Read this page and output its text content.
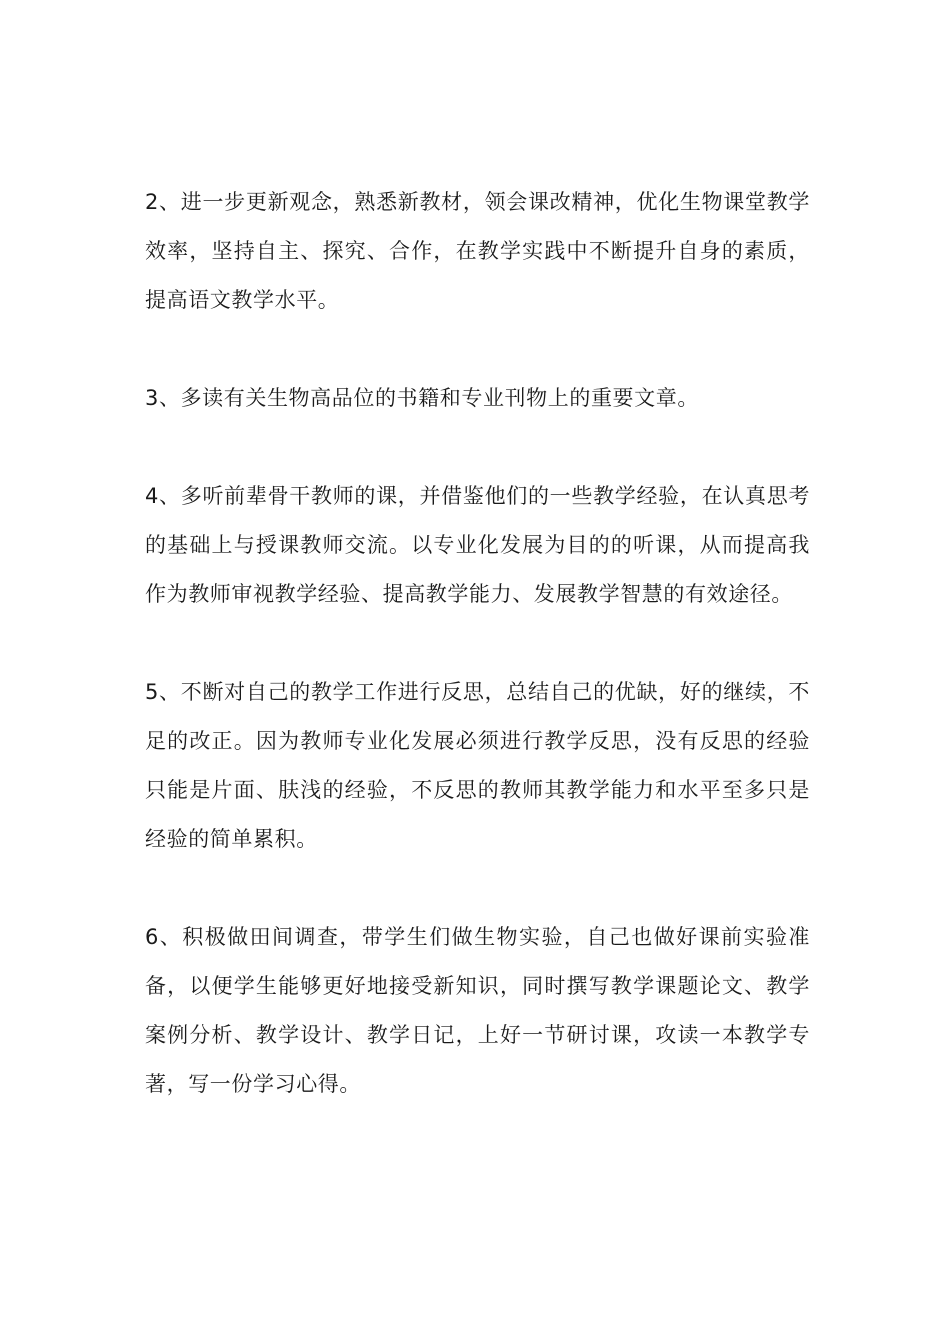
2、进一步更新观念，熟悉新教材，领会课改精神，优化生物课堂教学效率，坚持自主、探究、合作，在教学实践中不断提升自身的素质，提高语文教学水平。

3、多读有关生物高品位的书籍和专业刊物上的重要文章。

4、多听前辈骨干教师的课，并借鉴他们的一些教学经验，在认真思考的基础上与授课教师交流。以专业化发展为目的的听课，从而提高我作为教师审视教学经验、提高教学能力、发展教学智慧的有效途径。

5、不断对自己的教学工作进行反思，总结自己的优缺，好的继续，不足的改正。因为教师专业化发展必须进行教学反思，没有反思的经验只能是片面、肤浅的经验，不反思的教师其教学能力和水平至多只是经验的简单累积。

6、积极做田间调查，带学生们做生物实验，自己也做好课前实验准备，以便学生能够更好地接受新知识，同时撰写教学课题论文、教学案例分析、教学设计、教学日记，上好一节研讨课，攻读一本教学专著，写一份学习心得。
